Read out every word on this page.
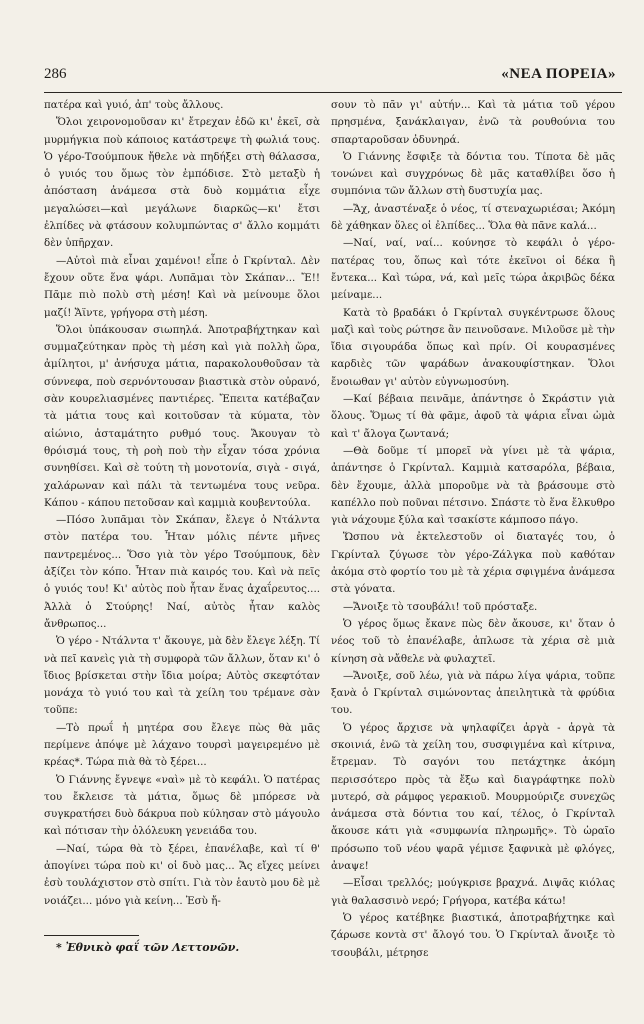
286	«ΝΕΑ ΠΟΡΕΙΑ»

πατέρα καὶ γυιό, ἀπ' τοὺς ἄλλους.

Ὅλοι χειρονομοῦσαν κι' ἔτρεχαν ἐδῶ κι' ἐκεῖ, σὰ μυρμήγκια ποὺ κάποιος κατάστρεψε τὴ φωλιά τους. Ὁ γέρο-Τσούμπουκ ἤθελε νὰ πηδήξει στὴ θάλασσα, ὁ γυιός του ὅμως τὸν ἐμπόδισε. Στὸ μεταξὺ ἡ ἀπόσταση ἀνάμεσα στὰ δυὸ κομμάτια εἶχε μεγαλώσει—καὶ μεγάλωνε διαρκῶς—κι' ἔτσι ἐλπίδες νὰ φτάσουν κολυμπώντας σ' ἄλλο κομμάτι δὲν ὑπῆρχαν.

—Αὐτοὶ πιὰ εἶναι χαμένοι! εἶπε ὁ Γκρίνταλ. Δὲν ἔχουν οὔτε ἕνα ψάρι. Λυπᾶμαι τὸν Σκάπαν... Ἔ!! Πᾶμε πιὸ πολὺ στὴ μέση! Καὶ νὰ μείνουμε ὅλοι μαζί! Ἄϊντε, γρήγορα στὴ μέση.

Ὅλοι ὑπάκουσαν σιωπηλά. Ἀποτραβήχτηκαν καὶ συμμαζεύτηκαν πρὸς τὴ μέση καὶ γιὰ πολλὴ ὥρα, ἀμίλητοι, μ' ἀνήσυχα μάτια, παρακολουθοῦσαν τὰ σύννεφα, ποὺ σερνόντουσαν βιαστικὰ στὸν οὐρανό, σὰν κουρελιασμένες παντιέρες. Ἔπειτα κατέβαζαν τὰ μάτια τους καὶ κοιτοῦσαν τὰ κύματα, τὸν αἰώνιο, ἀσταμάτητο ρυθμό τους. Ἄκουγαν τὸ θρόισμά τους, τὴ ροὴ ποὺ τὴν εἶχαν τόσα χρόνια συνηθίσει. Καὶ σὲ τούτη τὴ μονοτονία, σιγὰ - σιγά, χαλάρωναν καὶ πάλι τὰ τεντωμένα τους νεῦρα. Κάπου - κάπου πετοῦσαν καὶ καμμιὰ κουβεντούλα.

—Πόσο λυπᾶμαι τὸν Σκάπαν, ἔλεγε ὁ Ντάλντα στὸν πατέρα του. Ἦταν μόλις πέντε μῆνες παντρεμένος... Ὅσο γιὰ τὸν γέρο Τσούμπουκ, δὲν ἀξίζει τὸν κόπο. Ἦταν πιὰ καιρός του. Καὶ νὰ πεῖς ὁ γυιός του! Κι' αὐτὸς ποὺ ἦταν ἕνας ἀχαΐρευτος.... Ἀλλὰ ὁ Στούρης! Ναί, αὐτὸς ἦταν καλὸς ἄνθρωπος...

Ὁ γέρο - Ντάλντα τ' ἄκουγε, μὰ δὲν ἔλεγε λέξη. Τί νὰ πεῖ κανεὶς γιὰ τὴ συμφορὰ τῶν ἄλλων, ὅταν κι' ὁ ἴδιος βρίσκεται στὴν ἴδια μοίρα; Αὐτὸς σκεφτόταν μονάχα τὸ γυιό του καὶ τὰ χείλη του τρέμανε σὰν τοῦπε:

—Τὸ πρωΐ ἡ μητέρα σου ἔλεγε πὼς θὰ μᾶς περίμενε ἀπόψε μὲ λάχανο τουρσὶ μαγειρεμένο μὲ κρέας*. Τώρα πιὰ θὰ τὸ ξέρει...

Ὁ Γιάννης ἔγνεψε «ναὶ» μὲ τὸ κεφάλι. Ὁ πατέρας του ἔκλεισε τὰ μάτια, ὅμως δὲ μπόρεσε νὰ συγκρατήσει δυὸ δάκρυα ποὺ κύλησαν στὸ μάγουλο καὶ πότισαν τὴν ὁλόλευκη γενειάδα του.

—Ναί, τώρα θὰ τὸ ξέρει, ἐπανέλαβε, καὶ τί θ' ἀπογίνει τώρα ποὺ κι' οἱ δυὸ μας... Ἄς εἴχες μείνει ἐσὺ τουλάχιστον στὸ σπίτι. Γιὰ τὸν ἑαυτὸ μου δὲ μὲ νοιάζει... μόνο γιὰ κείνη... Ἐσὺ ἤ-

σουν τὸ πᾶν γι' αὐτήν... Καὶ τὰ μάτια τοῦ γέρου πρησμένα, ξανάκλαιγαν, ἐνῶ τὰ ρουθούνια του σπαρταροῦσαν ὀδυνηρά.

Ὁ Γιάννης ἔσφιξε τὰ δόντια του. Τίποτα δὲ μᾶς τονώνει καὶ συγχρόνως δὲ μᾶς καταθλίβει ὅσο ἡ συμπόνια τῶν ἄλλων στὴ δυστυχία μας.

—Ἄχ, ἀναστέναξε ὁ νέος, τί στεναχωριέσαι; Ἀκόμη δὲ χάθηκαν ὅλες οἱ ἐλπίδες... Ὅλα θὰ πᾶνε καλά...

—Ναί, ναί, ναί... κούνησε τὸ κεφάλι ὁ γέρο-πατέρας του, ὅπως καὶ τότε ἐκεῖνοι οἱ δέκα ἢ ἔντεκα... Καὶ τώρα, νά, καὶ μεῖς τώρα ἀκριβῶς δέκα μείναμε...

Κατὰ τὸ βραδάκι ὁ Γκρίνταλ συγκέντρωσε ὅλους μαζὶ καὶ τοὺς ρώτησε ἂν πεινοῦσανε. Μιλοῦσε μὲ τὴν ἴδια σιγουράδα ὅπως καὶ πρίν. Οἱ κουρασμένες καρδιὲς τῶν ψαράδων ἀνακουφίστηκαν. Ὅλοι ἔνοιωθαν γι' αὐτὸν εὐγνωμοσύνη.

—Καί βέβαια πεινᾶμε, ἀπάντησε ὁ Σκράστιν γιὰ ὅλους. Ὅμως τί θὰ φᾶμε, ἀφοῦ τὰ ψάρια εἶναι ὠμὰ καὶ τ' ἄλογα ζωντανά;

—Θὰ δοῦμε τί μπορεῖ νὰ γίνει μὲ τὰ ψάρια, ἀπάντησε ὁ Γκρίνταλ. Καμμιὰ κατσαρόλα, βέβαια, δὲν ἔχουμε, ἀλλὰ μποροῦμε νὰ τὰ βράσουμε στὸ καπέλλο ποὺ ποῦναι πέτσινο. Σπάστε τὸ ἕνα ἔλκυθρο γιὰ νάχουμε ξύλα καὶ τσακίστε κάμποσο πάγο.

Ὥσπου νὰ ἐκτελεστοῦν οἱ διαταγές του, ὁ Γκρίνταλ ζύγωσε τὸν γέρο-Ζάλγκα ποὺ καθόταν ἀκόμα στὸ φορτίο του μὲ τὰ χέρια σφιγμένα ἀνάμεσα στὰ γόνατα.

—Ἄνοιξε τὸ τσουβάλι! τοῦ πρόσταξε.

Ὁ γέρος ὅμως ἔκανε πὼς δὲν ἄκουσε, κι' ὅταν ὁ νέος τοῦ τὸ ἐπανέλαβε, ἁπλωσε τὰ χέρια σὲ μιὰ κίνηση σὰ νἄθελε νὰ φυλαχτεῖ.

—Ἄνοιξε, σοῦ λέω, γιὰ νὰ πάρω λίγα ψάρια, τοῦπε ξανὰ ὁ Γκρίνταλ σιμώνοντας ἀπειλητικὰ τὰ φρύδια του.

Ὁ γέρος ἄρχισε νὰ ψηλαφίζει ἀργὰ - ἀργὰ τὰ σκοινιά, ἐνῶ τὰ χείλη του, συσφιγμένα καὶ κίτρινα, ἔτρεμαν. Τὸ σαγόνι του πετάχτηκε ἀκόμη περισσότερο πρὸς τὰ ἔξω καὶ διαγράφτηκε πολὺ μυτερό, σὰ ράμφος γερακιοῦ. Μουρμούριζε συνεχῶς ἀνάμεσα στὰ δόντια του καί, τέλος, ὁ Γκρίνταλ ἄκουσε κάτι γιὰ «συμφωνία πληρωμῆς». Τὸ ὡραῖο πρόσωπο τοῦ νέου ψαρᾶ γέμισε ξαφνικὰ μὲ φλόγες, ἀναψε!

—Εἶσαι τρελλός; μούγκρισε βραχνά. Διψᾶς κιόλας γιὰ θαλασσινὸ νερό; Γρήγορα, κατέβα κάτω!

Ὁ γέρος κατέβηκε βιαστικά, ἀποτραβήχτηκε καὶ ζάρωσε κοντὰ στ' ἄλογό του. Ὁ Γκρίνταλ ἄνοιξε τὸ τσουβάλι, μέτρησε

* Ἐθνικὸ φαΐ τῶν Λεττονῶν.
